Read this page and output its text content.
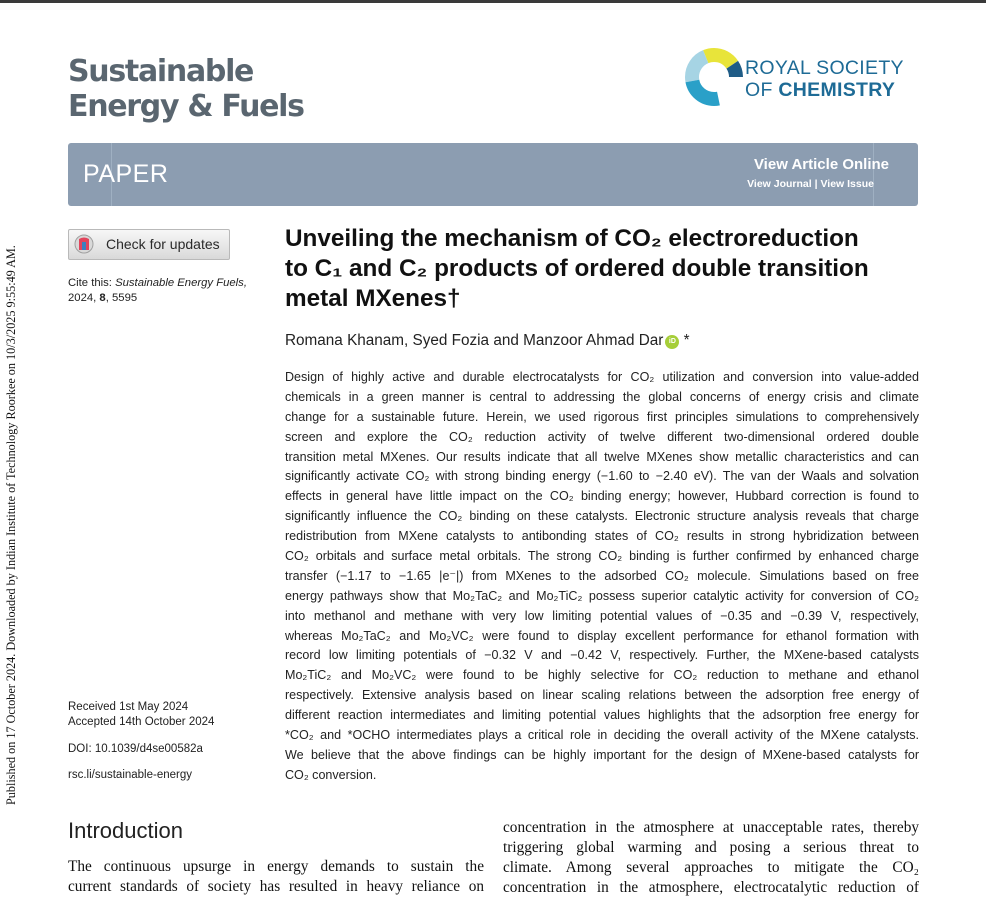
Published on 17 October 2024. Downloaded by Indian Institute of Technology Roorkee on 10/3/2025 9:55:49 AM.
Sustainable
Energy & Fuels
ROYAL SOCIETY
OF CHEMISTRY
PAPER	View Article Online
View Journal | View Issue
Check for updates
Cite this: Sustainable Energy Fuels,
2024, 8, 5595
Received 1st May 2024
Accepted 14th October 2024
DOI: 10.1039/d4se00582a
rsc.li/sustainable-energy
Unveiling the mechanism of CO₂ electroreduction
to C₁ and C₂ products of ordered double transition
metal MXenes†
Romana Khanam, Syed Fozia and Manzoor Ahmad Dar iD *
Design of highly active and durable electrocatalysts for CO₂ utilization and conversion into value-added
chemicals in a green manner is central to addressing the global concerns of energy crisis and climate
change for a sustainable future. Herein, we used rigorous first principles simulations to comprehensively
screen and explore the CO₂ reduction activity of twelve different two-dimensional ordered double
transition metal MXenes. Our results indicate that all twelve MXenes show metallic characteristics and can
significantly activate CO₂ with strong binding energy (−1.60 to −2.40 eV). The van der Waals and solvation
effects in general have little impact on the CO₂ binding energy; however, Hubbard correction is found to
significantly influence the CO₂ binding on these catalysts. Electronic structure analysis reveals that charge
redistribution from MXene catalysts to antibonding states of CO₂ results in strong hybridization between
CO₂ orbitals and surface metal orbitals. The strong CO₂ binding is further confirmed by enhanced charge
transfer (−1.17 to −1.65 |e⁻|) from MXenes to the adsorbed CO₂ molecule. Simulations based on free
energy pathways show that Mo₂TaC₂ and Mo₂TiC₂ possess superior catalytic activity for conversion of CO₂
into methanol and methane with very low limiting potential values of −0.35 and −0.39 V, respectively,
whereas Mo₂TaC₂ and Mo₂VC₂ were found to display excellent performance for ethanol formation with
record low limiting potentials of −0.32 V and −0.42 V, respectively. Further, the MXene-based catalysts
Mo₂TiC₂ and Mo₂VC₂ were found to be highly selective for CO₂ reduction to methane and ethanol
respectively. Extensive analysis based on linear scaling relations between the adsorption free energy of
different reaction intermediates and limiting potential values highlights that the adsorption free energy for
*CO₂ and *OCHO intermediates plays a critical role in deciding the overall activity of the MXene catalysts.
We believe that the above findings can be highly important for the design of MXene-based catalysts for
CO₂ conversion.
Introduction
The continuous upsurge in energy demands to sustain the
current standards of society has resulted in heavy reliance on
concentration in the atmosphere at unacceptable rates, thereby
triggering global warming and posing a serious threat to
climate. Among several approaches to mitigate the CO₂
concentration in the atmosphere, electrocatalytic reduction of
